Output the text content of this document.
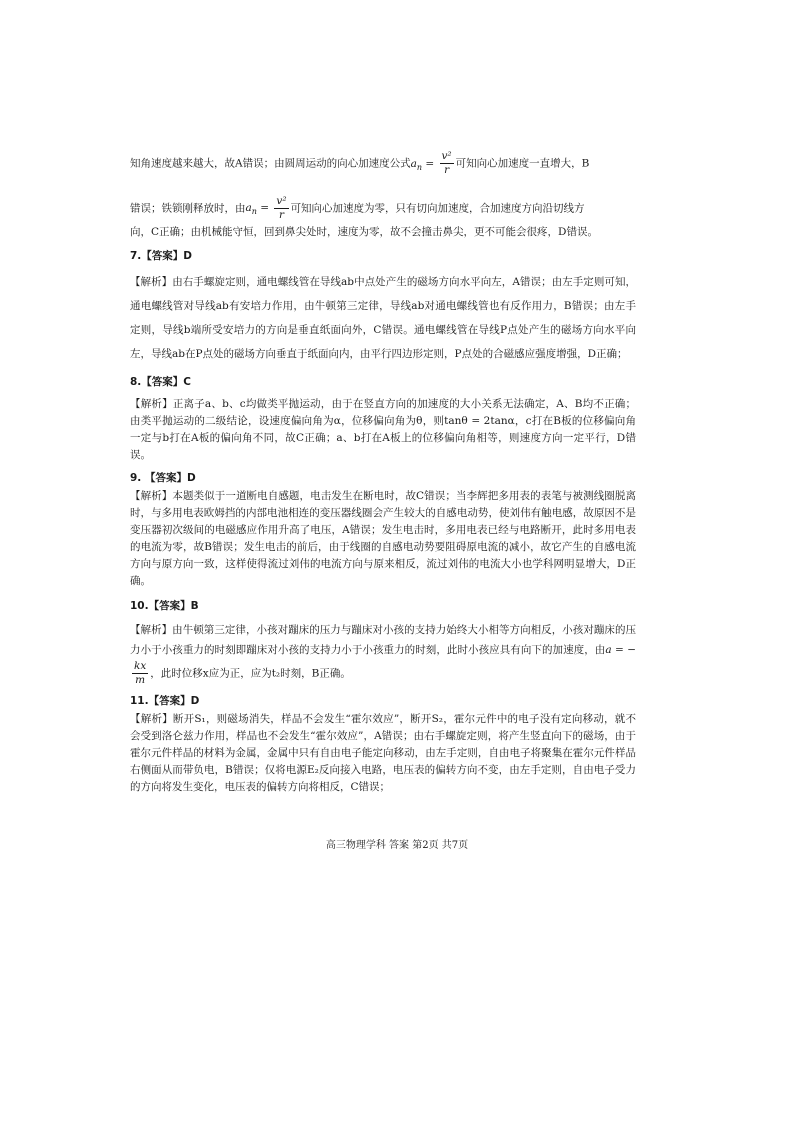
知角速度越来越大，故A错误；由圆周运动的向心加速度公式$a_n = \frac{\text{v²}}{r}$ 可知向心加速度一直增大，B

错误；铁锁刚释放时，由$a_n = \frac{\text{v²}}{r}$ 可知向心加速度为零，只有切向加速度，合加速度方向沿切线方

向，C正确；由机械能守恒，回到鼻尖处时，速度为零，故不会撞击鼻尖，更不可能会很疼，D错误。

7.【答案】D

【解析】由右手螺旋定则，通电螺线管在导线ab中点处产生的磁场方向水平向左，A错误；由左手定则可知，通电螺线管对导线ab有安培力作用，由牛顿第三定律，导线ab对通电螺线管也有反作用力，B错误；由左手定则，导线b端所受安培力的方向是垂直纸面向外，C错误。通电螺线管在导线P点处产生的磁场方向水平向左，导线ab在P点处的磁场方向垂直于纸面向内，由平行四边形定则，P点处的合磁感应强度增强，D正确；

8.【答案】C

【解析】正离子a、b、c均做类平抛运动，由于在竖直方向的加速度的大小关系无法确定，A、B均不正确；由类平抛运动的二级结论，设速度偏向角为α，位移偏向角为θ，则tanθ = 2tanα，c打在B板的位移偏向角一定与b打在A板的偏向角不同，故C正确；a、b打在A板上的位移偏向角相等，则速度方向一定平行，D错误。

9. 【答案】D

【解析】本题类似于一道断电自感题，电击发生在断电时，故C错误；当李辉把多用表的表笔与被测线圈脱离时，与多用电表欧姆挡的内部电池相连的变压器线圈会产生较大的自感电动势，使刘伟有触电感，故原因不是变压器初次级间的电磁感应作用升高了电压，A错误；发生电击时，多用电表已经与电路断开，此时多用电表的电流为零，故B错误；发生电击的前后，由于线圈的自感电动势要阻碍原电流的减小，故它产生的自感电流方向与原方向一致，这样使得流过刘伟的电流方向与原来相反，流过刘伟的电流大小也学科网明显增大，D正确。

10.【答案】B

【解析】由牛顿第三定律，小孩对蹦床的压力与蹦床对小孩的支持力始终大小相等方向相反，小孩对蹦床的压力小于小孩重力的时刻即蹦床对小孩的支持力小于小孩重力的时刻，此时小孩应具有向下的加速度，由a = −
$\frac{kx}{m}$ ，此时位移x应为正，应为t₂时刻，B正确。

11.【答案】D

【解析】断开S₁，则磁场消失，样品不会发生“霍尔效应”，断开S₂，霍尔元件中的电子没有定向移动，就不会受到洛仑兹力作用，样品也不会发生“霍尔效应”，A错误；由右手螺旋定则，将产生竖直向下的磁场，由于霍尔元件样品的材料为金属，金属中只有自由电子能定向移动，由左手定则，自由电子将聚集在霍尔元件样品右侧面从而带负电，B错误；仅将电源E₂反向接入电路，电压表的偏转方向不变，由左手定则，自由电子受力的方向将发生变化，电压表的偏转方向将相反，C错误；

高三物理学科 答案 第2页 共7页
